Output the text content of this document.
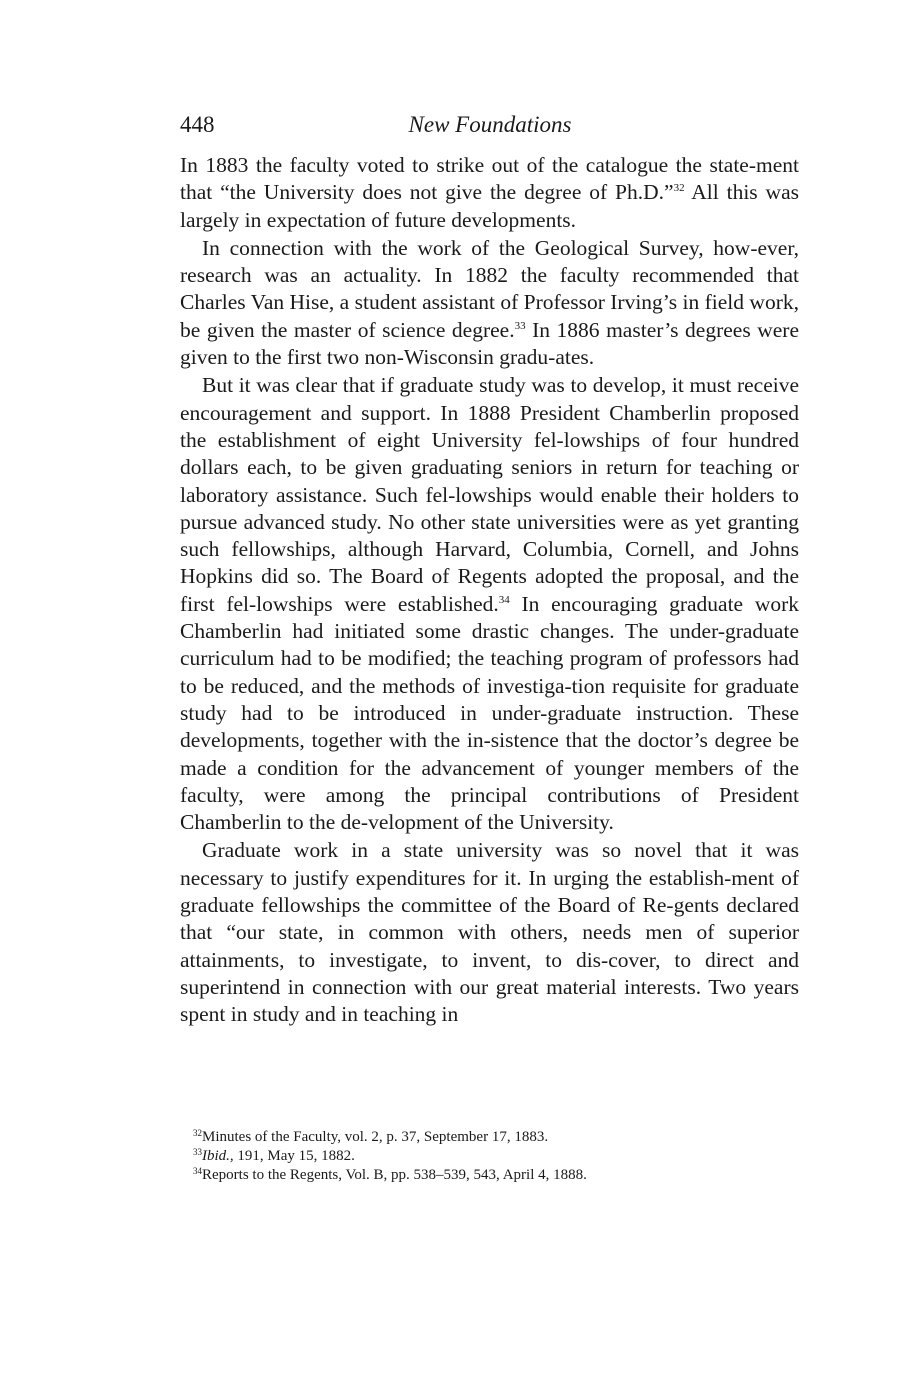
448	New Foundations

In 1883 the faculty voted to strike out of the catalogue the state-ment that “the University does not give the degree of Ph.D.”$^{32}$ All this was largely in expectation of future developments.

In connection with the work of the Geological Survey, how-ever, research was an actuality. In 1882 the faculty recommended that Charles Van Hise, a student assistant of Professor Irving’s in field work, be given the master of science degree.$^{33}$ In 1886 master’s degrees were given to the first two non-Wisconsin gradu-ates.

But it was clear that if graduate study was to develop, it must receive encouragement and support. In 1888 President Chamberlin proposed the establishment of eight University fel-lowships of four hundred dollars each, to be given graduating seniors in return for teaching or laboratory assistance. Such fel-lowships would enable their holders to pursue advanced study. No other state universities were as yet granting such fellowships, although Harvard, Columbia, Cornell, and Johns Hopkins did so. The Board of Regents adopted the proposal, and the first fel-lowships were established.$^{34}$ In encouraging graduate work Chamberlin had initiated some drastic changes. The under-graduate curriculum had to be modified; the teaching program of professors had to be reduced, and the methods of investiga-tion requisite for graduate study had to be introduced in under-graduate instruction. These developments, together with the in-sistence that the doctor’s degree be made a condition for the advancement of younger members of the faculty, were among the principal contributions of President Chamberlin to the de-velopment of the University.

Graduate work in a state university was so novel that it was necessary to justify expenditures for it. In urging the establish-ment of graduate fellowships the committee of the Board of Re-gents declared that “our state, in common with others, needs men of superior attainments, to investigate, to invent, to dis-cover, to direct and superintend in connection with our great material interests. Two years spent in study and in teaching in

$^{32}$Minutes of the Faculty, vol. 2, p. 37, September 17, 1883.

$^{33}$Ibid., 191, May 15, 1882.

$^{34}$Reports to the Regents, Vol. B, pp. 538–539, 543, April 4, 1888.
